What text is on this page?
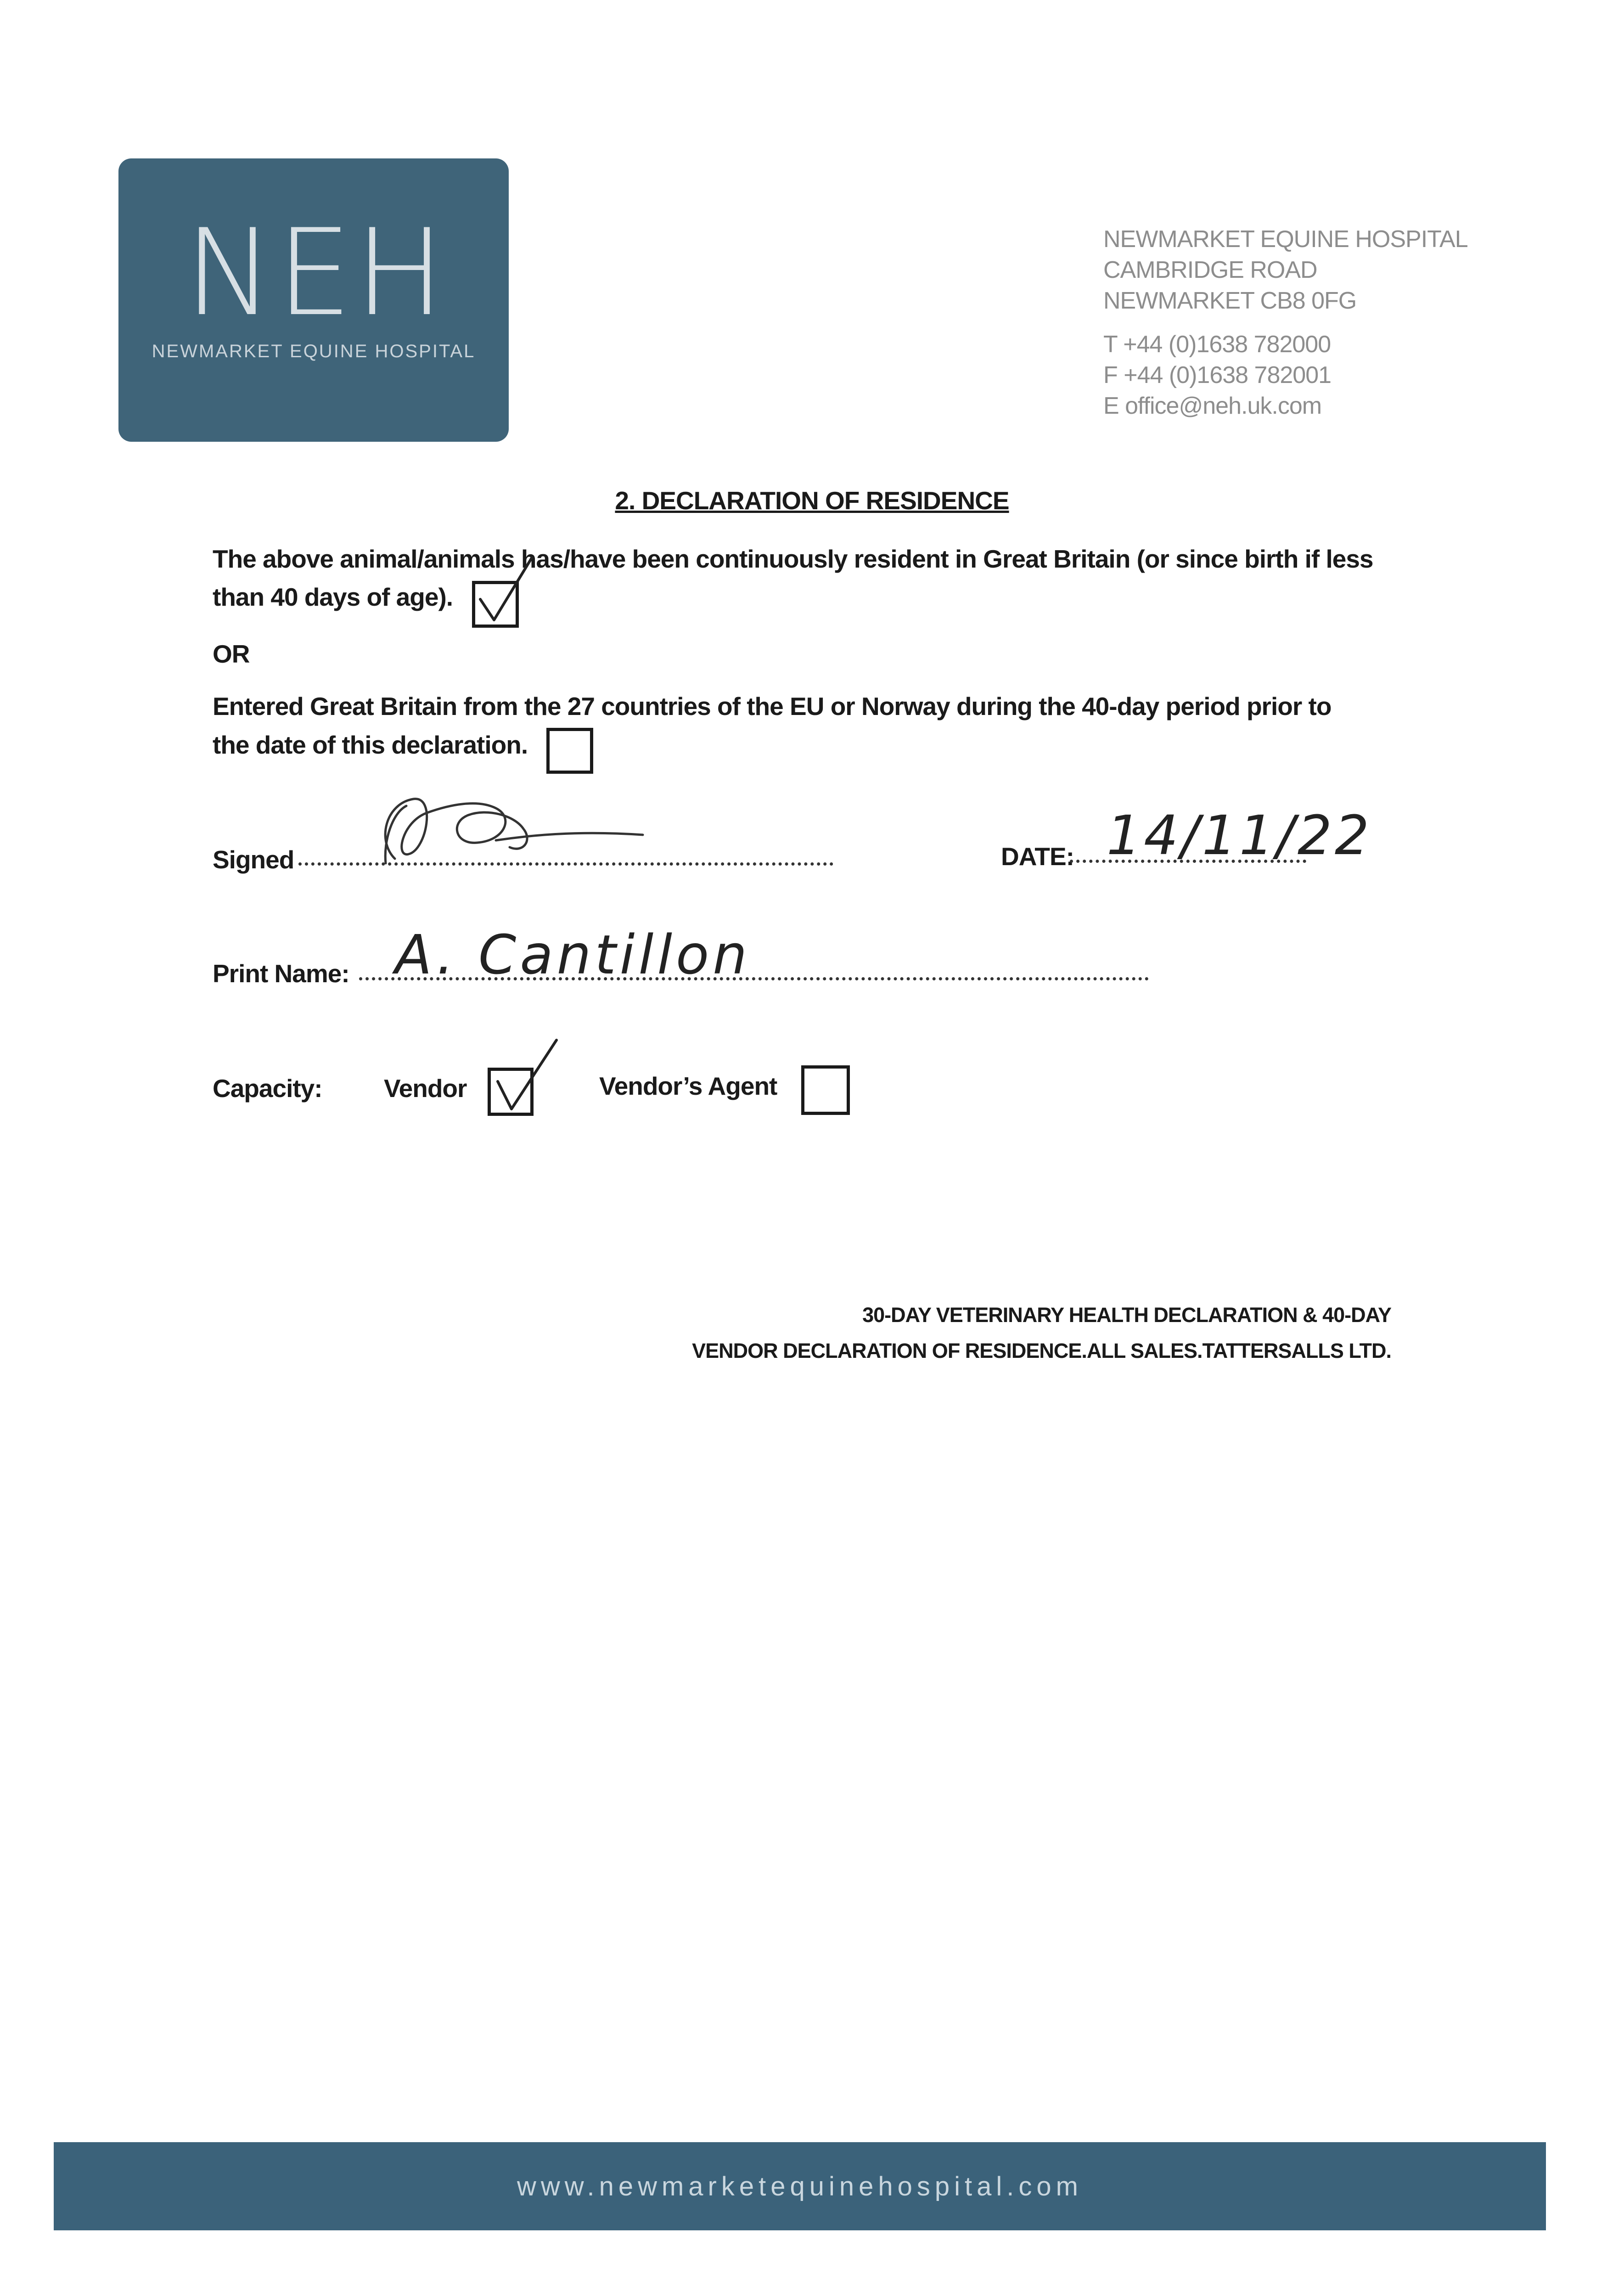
NEH
NEWMARKET EQUINE HOSPITAL
NEWMARKET EQUINE HOSPITAL
CAMBRIDGE ROAD
NEWMARKET CB8 0FG
T +44 (0)1638 782000
F +44 (0)1638 782001
E office@neh.uk.com
2. DECLARATION OF RESIDENCE
The above animal/animals has/have been continuously resident in Great Britain (or since birth if less
than 40 days of age).
OR
Entered Great Britain from the 27 countries of the EU or Norway during the 40-day period prior to
the date of this declaration.
Signed	DATE: 14/11/22
Print Name: A. Cantillon
Capacity: Vendor	Vendor’s Agent
30-DAY VETERINARY HEALTH DECLARATION & 40-DAY
VENDOR DECLARATION OF RESIDENCE.ALL SALES.TATTERSALLS LTD.
www.newmarketequinehospital.com
